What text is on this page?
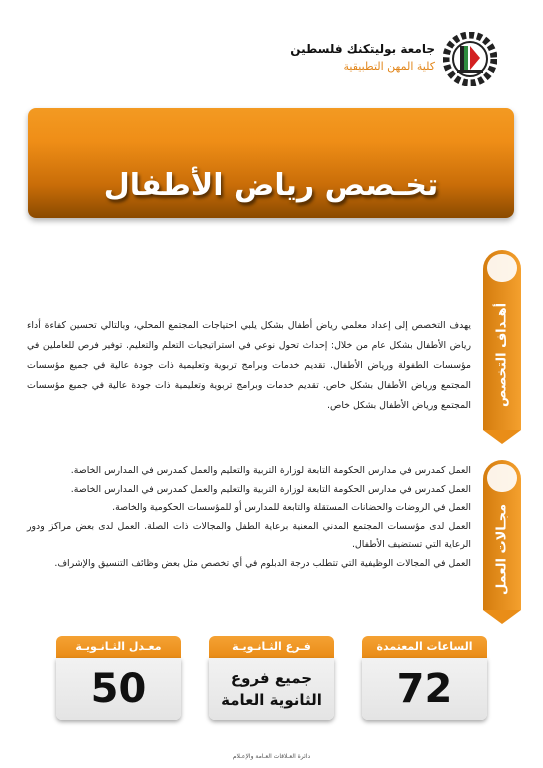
جامعة بوليتكنك فلسطين
كلية المهن التطبيقية
تخـصص رياض الأطفال
أهـداف التخصص
يهدف التخصص إلى إعداد معلمي رياض أطفال بشكل يلبي احتياجات المجتمع المحلي، وبالتالي تحسين كفاءة أداء رياض الأطفال بشكل عام من خلال: إحداث تحول نوعي في استراتيجيات التعلم والتعليم. توفير فرص للعاملين في مؤسسات الطفولة ورياض الأطفال. تقديم خدمات وبرامج تربوية وتعليمية ذات جودة عالية في جميع مؤسسات المجتمع ورياض الأطفال بشكل خاص. تقديم خدمات وبرامج تربوية وتعليمية ذات جودة عالية في جميع مؤسسات المجتمع ورياض الأطفال بشكل خاص.
مجـالات العمل
العمل كمدرس في مدارس الحكومة التابعة لوزارة التربية والتعليم والعمل كمدرس في المدارس الخاصة.
العمل كمدرس في مدارس الحكومة التابعة لوزارة التربية والتعليم والعمل كمدرس في المدارس الخاصة.
العمل في الروضات والحضانات المستقلة والتابعة للمدارس أو للمؤسسات الحكومية والخاصة.
العمل لدى مؤسسات المجتمع المدني المعنية برعاية الطفل والمجالات ذات الصلة. العمل لدى بعض مراكز ودور الرعاية التي تستضيف الأطفال.
العمل في المجالات الوظيفية التي تتطلب درجة الدبلوم في أي تخصص مثل بعض وظائف التنسيق والإشراف.
الساعات المعتمدة
72
فـرع الثـانـويـة
جميع فروع الثانوية العامة
معـدل الثـانـويـة
50
دائرة العـلاقات العـامة والإعـلام
